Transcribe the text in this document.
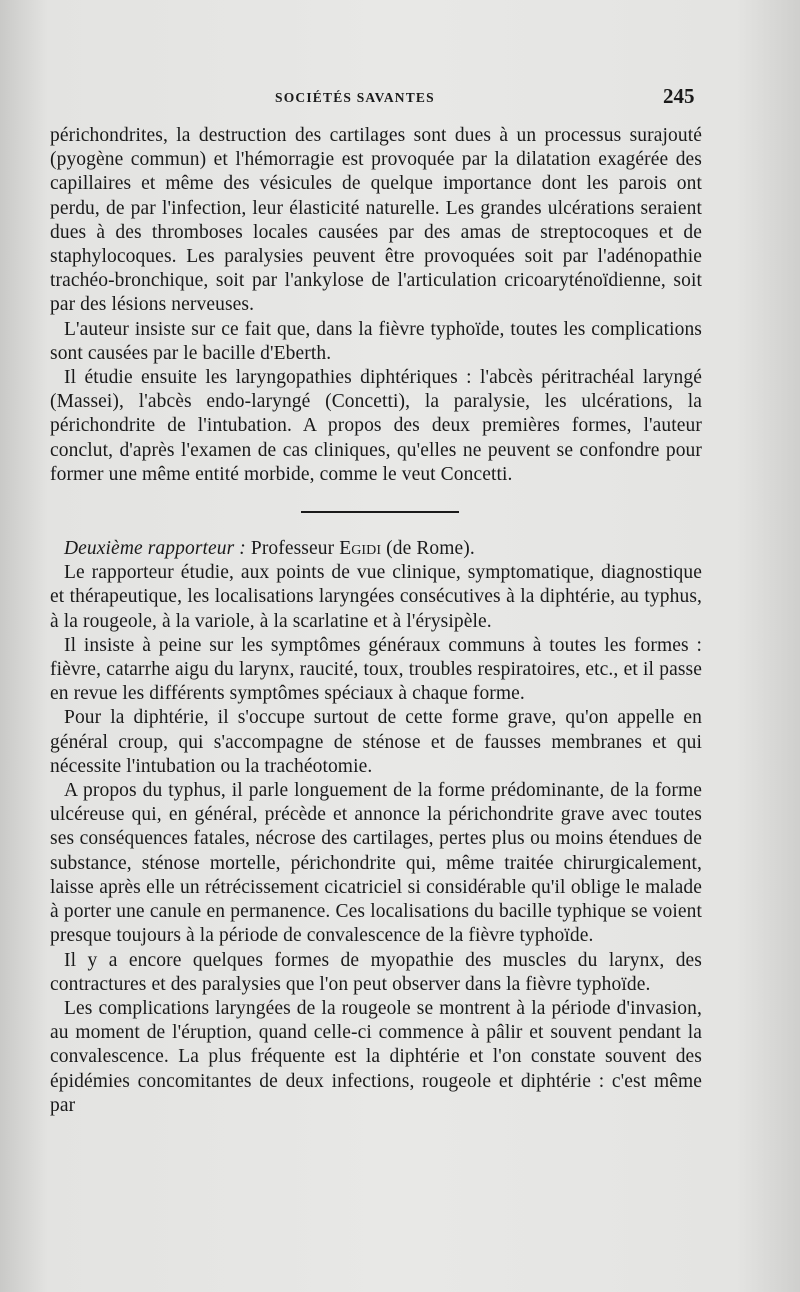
SOCIÉTÉS SAVANTES	245

périchondrites, la destruction des cartilages sont dues à un processus surajouté (pyogène commun) et l'hémorragie est provoquée par la dilatation exagérée des capillaires et même des vésicules de quelque importance dont les parois ont perdu, de par l'infection, leur élasticité naturelle. Les grandes ulcérations seraient dues à des thromboses locales causées par des amas de streptocoques et de staphylocoques. Les paralysies peuvent être provoquées soit par l'adénopathie trachéo-bronchique, soit par l'ankylose de l'articulation cricoaryténoïdienne, soit par des lésions nerveuses.

L'auteur insiste sur ce fait que, dans la fièvre typhoïde, toutes les complications sont causées par le bacille d'Eberth.

Il étudie ensuite les laryngopathies diphtériques : l'abcès péritrachéal laryngé (Massei), l'abcès endo-laryngé (Concetti), la paralysie, les ulcérations, la périchondrite de l'intubation. A propos des deux premières formes, l'auteur conclut, d'après l'examen de cas cliniques, qu'elles ne peuvent se confondre pour former une même entité morbide, comme le veut Concetti.

Deuxième rapporteur : Professeur Egidi (de Rome).

Le rapporteur étudie, aux points de vue clinique, symptomatique, diagnostique et thérapeutique, les localisations laryngées consécutives à la diphtérie, au typhus, à la rougeole, à la variole, à la scarlatine et à l'érysipèle.

Il insiste à peine sur les symptômes généraux communs à toutes les formes : fièvre, catarrhe aigu du larynx, raucité, toux, troubles respiratoires, etc., et il passe en revue les différents symptômes spéciaux à chaque forme.

Pour la diphtérie, il s'occupe surtout de cette forme grave, qu'on appelle en général croup, qui s'accompagne de sténose et de fausses membranes et qui nécessite l'intubation ou la trachéotomie.

A propos du typhus, il parle longuement de la forme prédominante, de la forme ulcéreuse qui, en général, précède et annonce la périchondrite grave avec toutes ses conséquences fatales, nécrose des cartilages, pertes plus ou moins étendues de substance, sténose mortelle, périchondrite qui, même traitée chirurgicalement, laisse après elle un rétrécissement cicatriciel si considérable qu'il oblige le malade à porter une canule en permanence. Ces localisations du bacille typhique se voient presque toujours à la période de convalescence de la fièvre typhoïde.

Il y a encore quelques formes de myopathie des muscles du larynx, des contractures et des paralysies que l'on peut observer dans la fièvre typhoïde.

Les complications laryngées de la rougeole se montrent à la période d'invasion, au moment de l'éruption, quand celle-ci commence à pâlir et souvent pendant la convalescence. La plus fréquente est la diphtérie et l'on constate souvent des épidémies concomitantes de deux infections, rougeole et diphtérie : c'est même par
